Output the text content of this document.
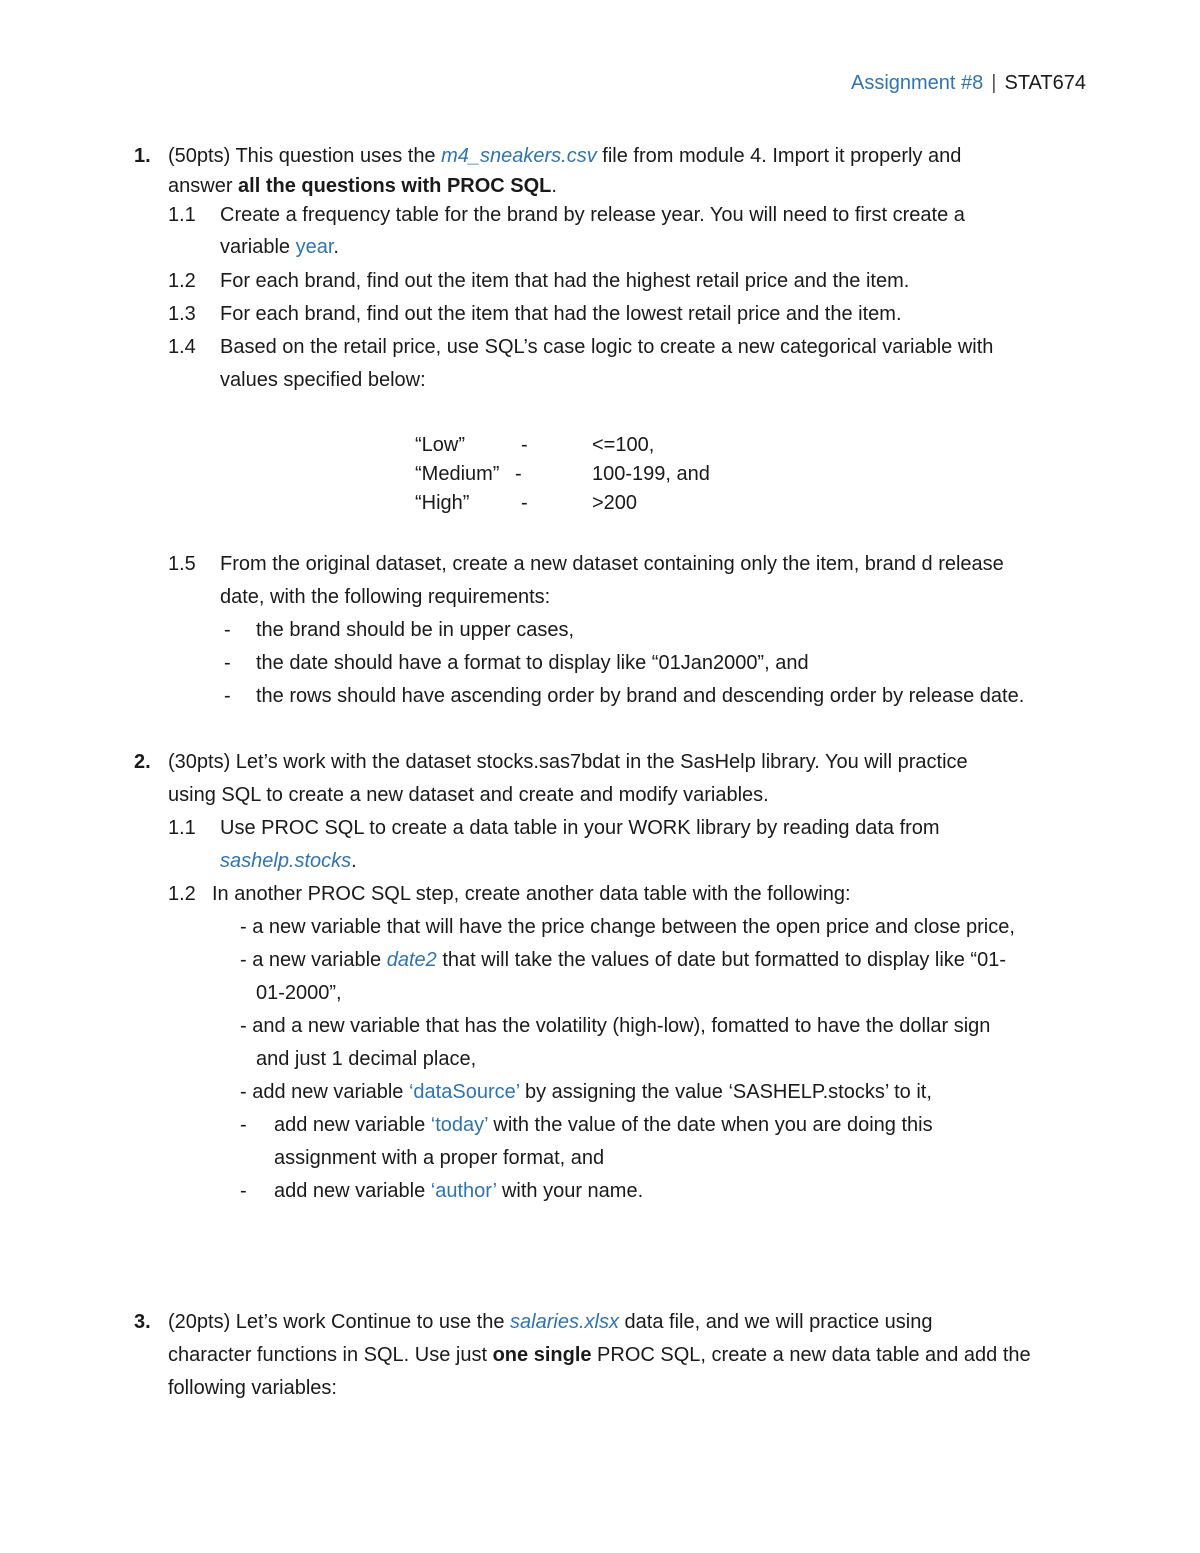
Assignment #8 | STAT674
1. (50pts) This question uses the m4_sneakers.csv file from module 4. Import it properly and
answer all the questions with PROC SQL.
1.1 Create a frequency table for the brand by release year. You will need to first create a
variable year.
1.2 For each brand, find out the item that had the highest retail price and the item.
1.3 For each brand, find out the item that had the lowest retail price and the item.
1.4 Based on the retail price, use SQL’s case logic to create a new categorical variable with
values specified below:
“Low”	-	<=100,
“Medium” -	100-199, and
“High”	-	>200
1.5 From the original dataset, create a new dataset containing only the item, brand d release
date, with the following requirements:
- the brand should be in upper cases,
- the date should have a format to display like “01Jan2000”, and
- the rows should have ascending order by brand and descending order by release date.
2. (30pts) Let’s work with the dataset stocks.sas7bdat in the SasHelp library. You will practice
using SQL to create a new dataset and create and modify variables.
1.1 Use PROC SQL to create a data table in your WORK library by reading data from
sashelp.stocks.
1.2 In another PROC SQL step, create another data table with the following:
- a new variable that will have the price change between the open price and close price,
- a new variable date2 that will take the values of date but formatted to display like “01-
01-2000”,
- and a new variable that has the volatility (high-low), fomatted to have the dollar sign
and just 1 decimal place,
- add new variable ‘dataSource’ by assigning the value ‘SASHELP.stocks’ to it,
- add new variable ‘today’ with the value of the date when you are doing this
assignment with a proper format, and
- add new variable ‘author’ with your name.
3. (20pts) Let’s work Continue to use the salaries.xlsx data file, and we will practice using
character functions in SQL. Use just one single PROC SQL, create a new data table and add the
following variables:
